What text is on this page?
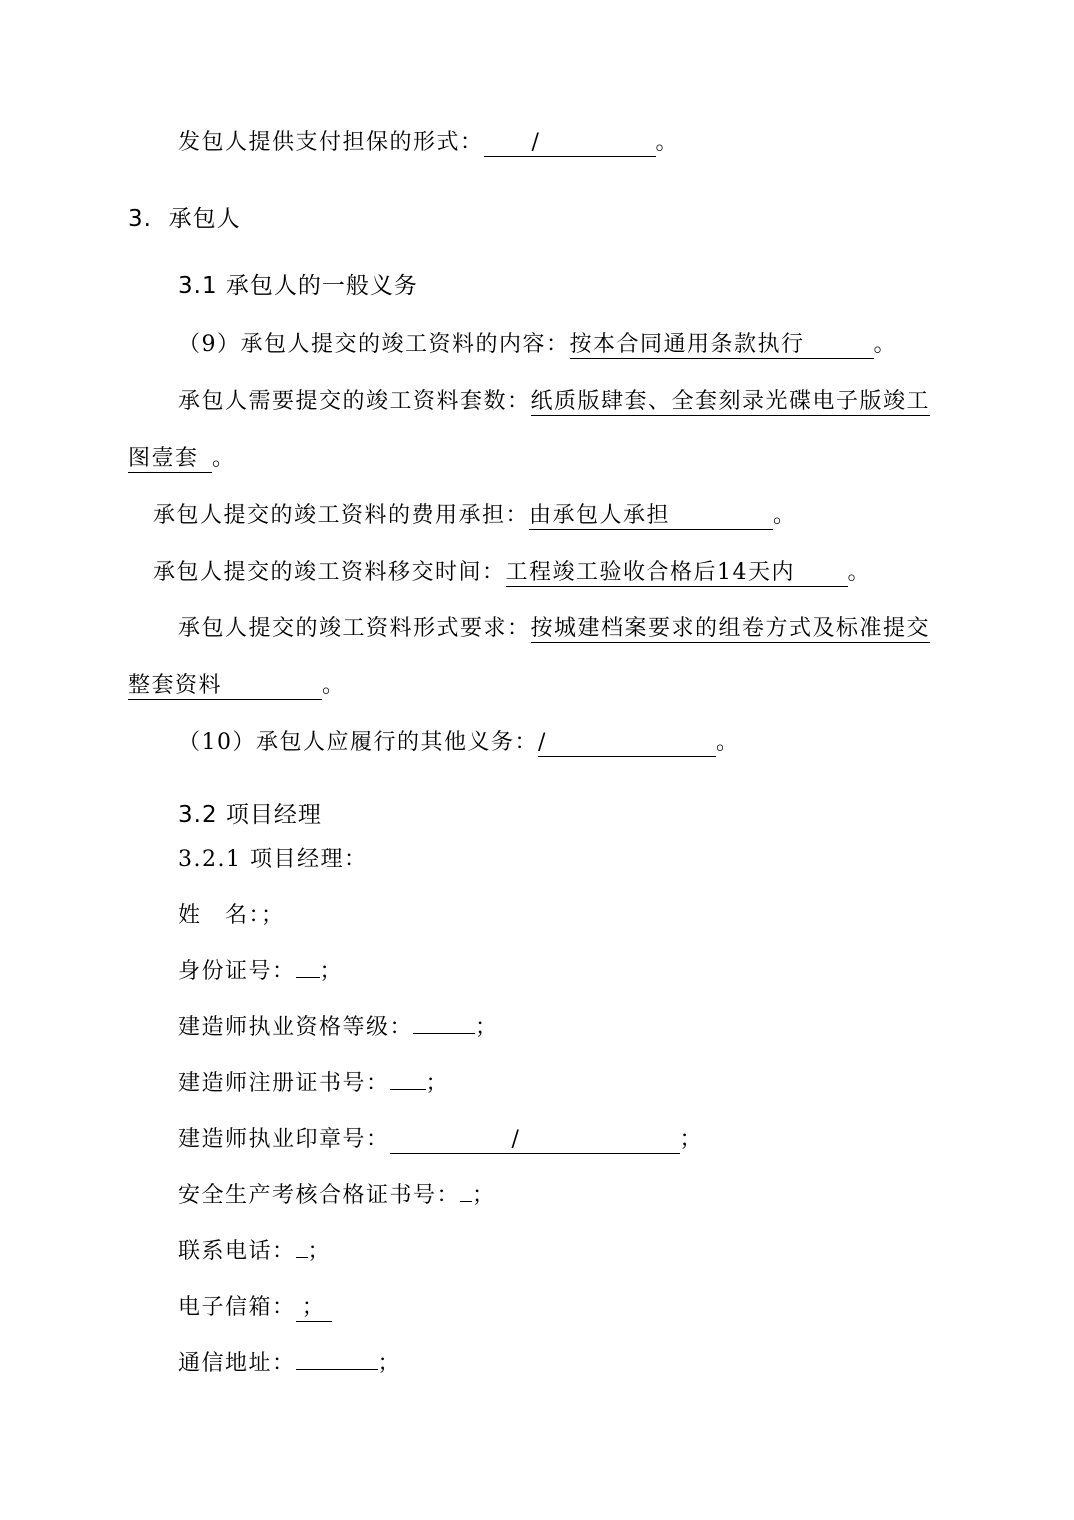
发包人提供支付担保的形式： /	。
3. 承包人
3.1 承包人的一般义务
（9）承包人提交的竣工资料的内容：按本合同通用条款执行	。
承包人需要提交的竣工资料套数：纸质版肆套、全套刻录光碟电子版竣工
图壹套 。
承包人提交的竣工资料的费用承担：由承包人承担	。
承包人提交的竣工资料移交时间：工程竣工验收合格后14天内 。
承包人提交的竣工资料形式要求：按城建档案要求的组卷方式及标准提交
整套资料	。
（10）承包人应履行的其他义务：/	。
3.2 项目经理
3.2.1 项目经理：
姓　名：；
身份证号： ；
建造师执业资格等级：	；
建造师注册证书号： ；
建造师执业印章号：	/	；
安全生产考核合格证书号： ；
联系电话： ；
电子信箱： ；
通信地址：	；
